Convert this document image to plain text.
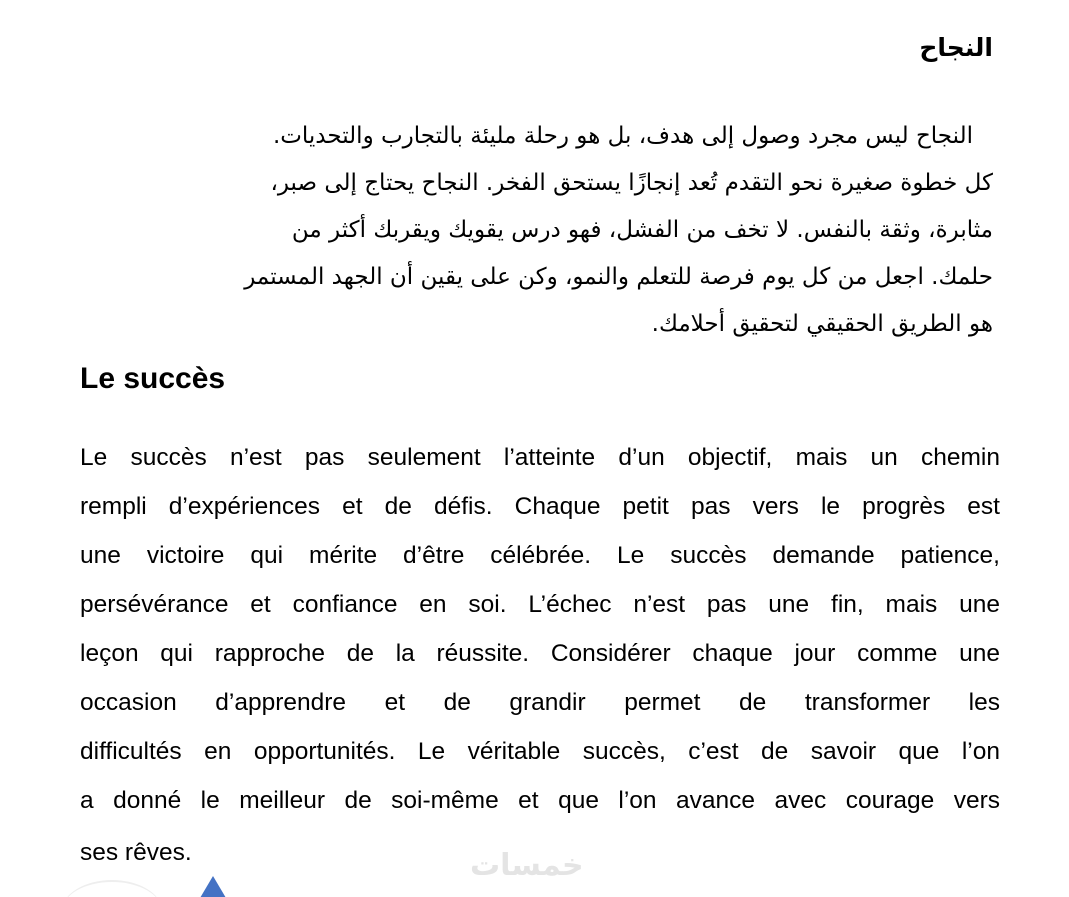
النجاح
النجاح ليس مجرد وصول إلى هدف، بل هو رحلة مليئة بالتجارب والتحديات.
كل خطوة صغيرة نحو التقدم تُعد إنجازًا يستحق الفخر. النجاح يحتاج إلى صبر،
مثابرة، وثقة بالنفس. لا تخف من الفشل، فهو درس يقويك ويقربك أكثر من
حلمك. اجعل من كل يوم فرصة للتعلم والنمو، وكن على يقين أن الجهد المستمر
هو الطريق الحقيقي لتحقيق أحلامك.
Le succès
Le succès n’est pas seulement l’atteinte d’un objectif, mais un chemin
rempli d’expériences et de défis. Chaque petit pas vers le progrès est
une victoire qui mérite d’être célébrée. Le succès demande patience,
persévérance et confiance en soi. L’échec n’est pas une fin, mais une
leçon qui rapproche de la réussite. Considérer chaque jour comme une
occasion d’apprendre et de grandir permet de transformer les
difficultés en opportunités. Le véritable succès, c’est de savoir que l’on
a donné le meilleur de soi-même et que l’on avance avec courage vers
ses rêves.	خمسات
